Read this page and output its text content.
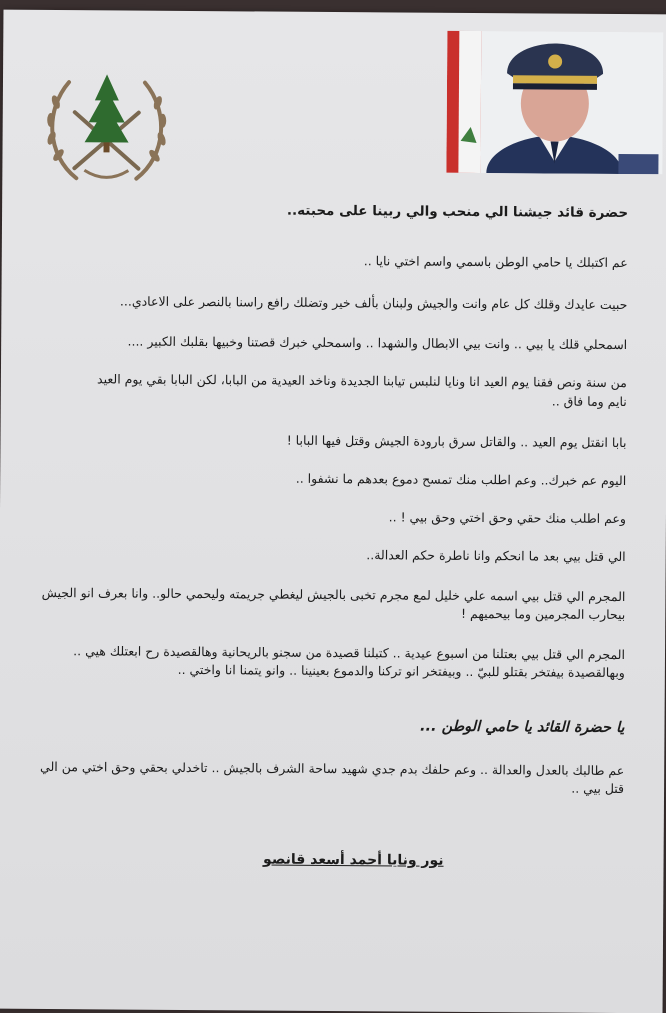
حضرة قائد جيشنا الي منحب والي ربينا على محبته..
عم اكتبلك يا حامي الوطن باسمي واسم اختي نايا ..
حبيت عايدك وقلك كل عام وانت والجيش ولبنان بألف خير وتضلك رافع راسنا بالنصر على الاعادي...
اسمحلي قلك يا بيي .. وانت بيي الابطال والشهدا .. واسمحلي خبرك قصتنا وخبيها بقلبك الكبير ....
من سنة ونص فقنا يوم العيد انا ونايا لنلبس تيابنا الجديدة وناخد العيدية من البابا، لكن البابا بقي يوم العيد
نايم وما فاق ..
بابا انقتل يوم العيد .. والقاتل سرق بارودة الجيش وقتل فيها البابا !
اليوم عم خبرك.. وعم اطلب منك تمسح دموع بعدهم ما نشفوا ..
وعم اطلب منك حقي وحق اختي وحق بيي ! ..
الي قتل بيي بعد ما انحكم وانا ناطرة حكم العدالة..
المجرم الي قتل بيي اسمه علي خليل لمع مجرم تخبى بالجيش ليغطي جريمته وليحمي حالو.. وانا بعرف انو الجيش بيحارب المجرمين وما بيحميهم !
المجرم الي قتل بيي بعتلنا من اسبوع عيدية .. كتبلنا قصيدة من سجنو بالريحانية وهالقصيدة رح ابعتلك هيي .. وبهالقصيدة بيفتخر بقتلو للبيّ .. وبيفتخر انو تركنا والدموع بعينينا .. وانو يتمنا انا واختي ..
يا حضرة القائد يا حامي الوطن ...
عم طالبك بالعدل والعدالة .. وعم حلفك بدم جدي شهيد ساحة الشرف بالجيش .. تاخدلي بحقي وحق اختي من الي قتل بيي ..
نور ونايا أحمد أسعد قانصو
